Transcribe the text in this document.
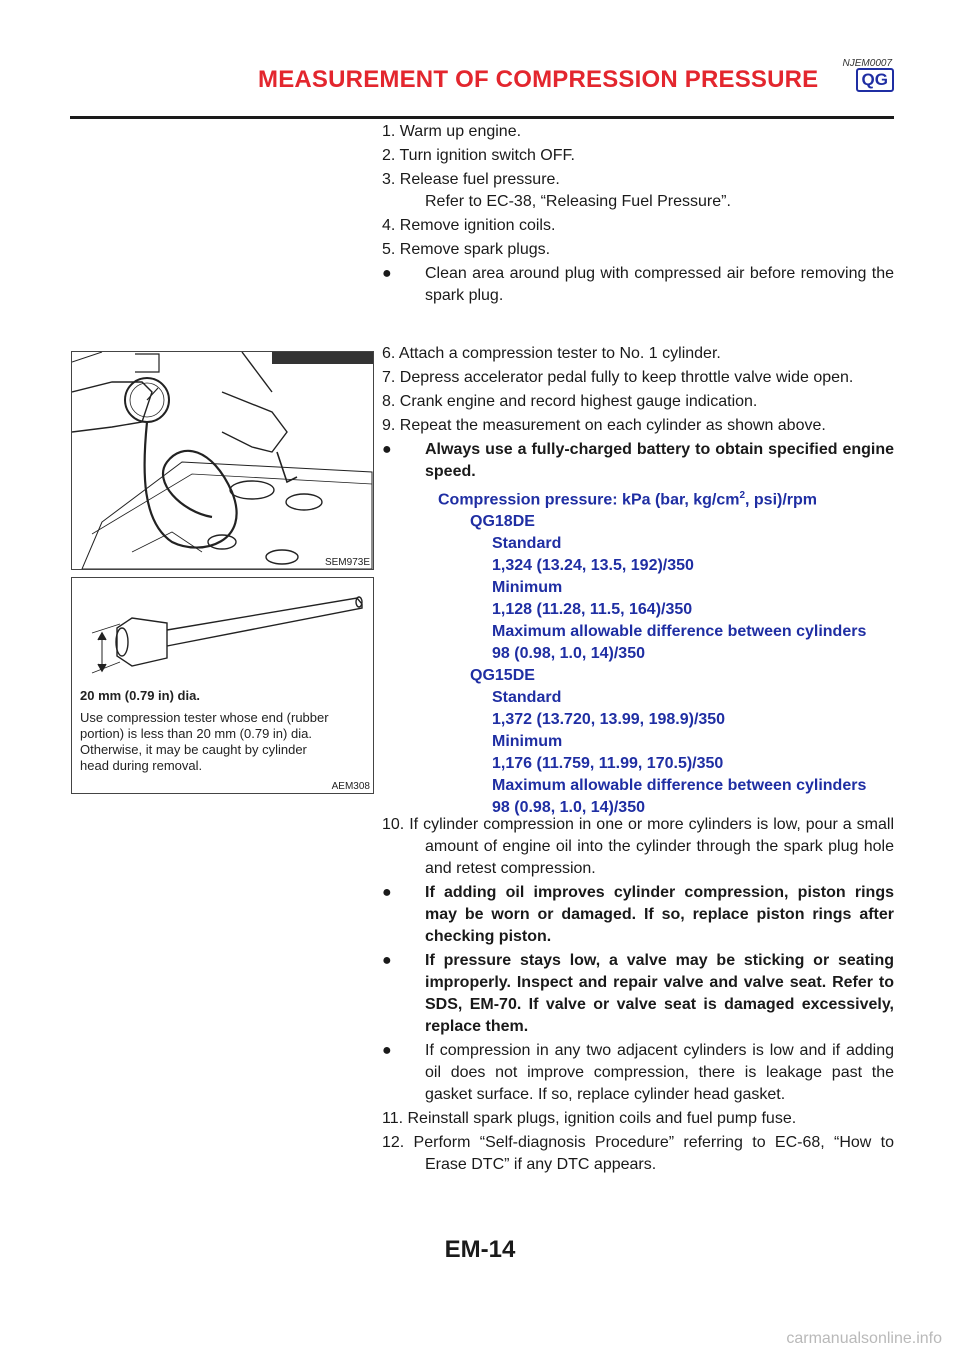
NJEM0007
MEASUREMENT OF COMPRESSION PRESSURE	QG
1. Warm up engine.
2. Turn ignition switch OFF.
3. Release fuel pressure.
Refer to EC-38, “Releasing Fuel Pressure”.
4. Remove ignition coils.
5. Remove spark plugs.
● Clean area around plug with compressed air before removing the spark plug.
SEM973E
20 mm (0.79 in) dia.
Use compression tester whose end (rubber
portion) is less than 20 mm (0.79 in) dia.
Otherwise, it may be caught by cylinder
head during removal.
AEM308
6. Attach a compression tester to No. 1 cylinder.
7. Depress accelerator pedal fully to keep throttle valve wide open.
8. Crank engine and record highest gauge indication.
9. Repeat the measurement on each cylinder as shown above.
● Always use a fully-charged battery to obtain specified engine speed.
Compression pressure: kPa (bar, $kg/cm^2$, psi)/rpm
QG18DE
Standard
1,324 (13.24, 13.5, 192)/350
Minimum
1,128 (11.28, 11.5, 164)/350
Maximum allowable difference between cylinders
98 (0.98, 1.0, 14)/350
QG15DE
Standard
1,372 (13.720, 13.99, 198.9)/350
Minimum
1,176 (11.759, 11.99, 170.5)/350
Maximum allowable difference between cylinders
98 (0.98, 1.0, 14)/350
10. If cylinder compression in one or more cylinders is low, pour a small amount of engine oil into the cylinder through the spark plug hole and retest compression.
● If adding oil improves cylinder compression, piston rings may be worn or damaged. If so, replace piston rings after checking piston.
● If pressure stays low, a valve may be sticking or seating improperly. Inspect and repair valve and valve seat. Refer to SDS, EM-70. If valve or valve seat is damaged excessively, replace them.
● If compression in any two adjacent cylinders is low and if adding oil does not improve compression, there is leakage past the gasket surface. If so, replace cylinder head gasket.
11. Reinstall spark plugs, ignition coils and fuel pump fuse.
12. Perform “Self-diagnosis Procedure” referring to EC-68, “How to Erase DTC” if any DTC appears.
EM-14
carmanualsonline.info
